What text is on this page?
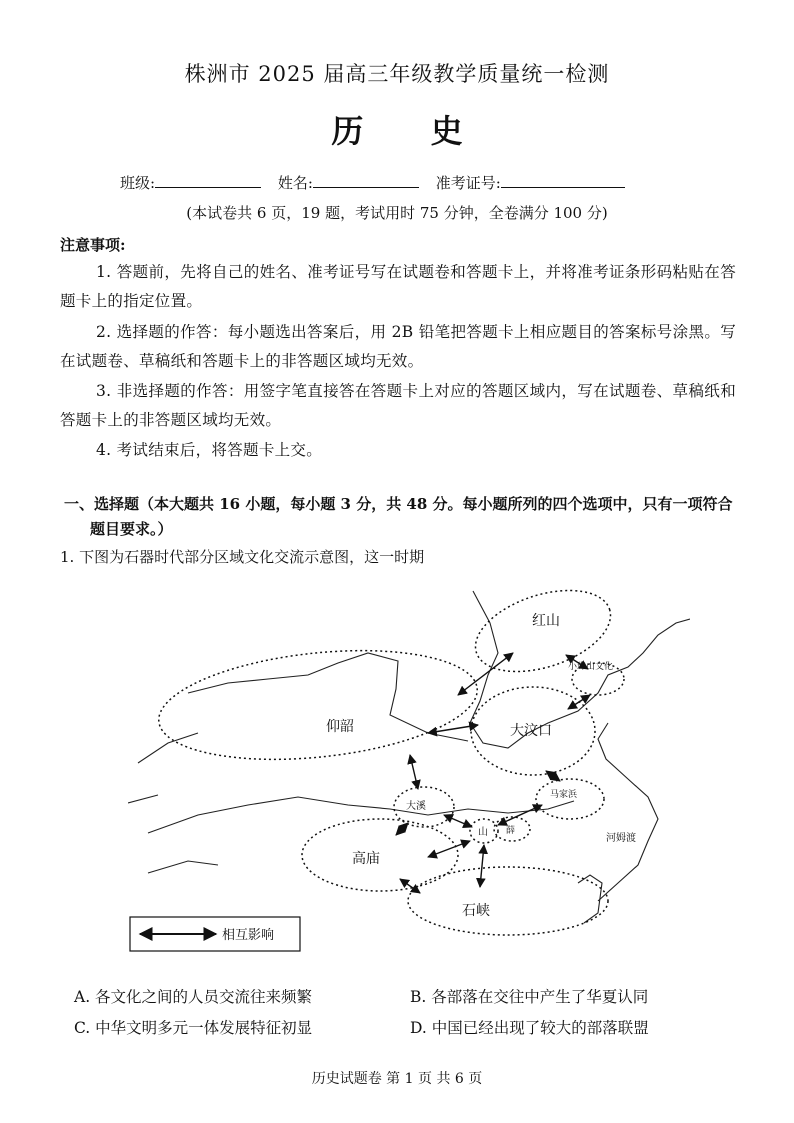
株洲市 2025 届高三年级教学质量统一检测
历 史
班级:	姓名:	准考证号:
(本试卷共 6 页，19 题，考试用时 75 分钟，全卷满分 100 分)
注意事项:
1. 答题前，先将自己的姓名、准考证号写在试题卷和答题卡上，并将准考证条形码粘贴在答题卡上的指定位置。
2. 选择题的作答：每小题选出答案后，用 2B 铅笔把答题卡上相应题目的答案标号涂黑。写在试题卷、草稿纸和答题卡上的非答题区域均无效。
3. 非选择题的作答：用签字笔直接答在答题卡上对应的答题区域内，写在试题卷、草稿纸和答题卡上的非答题区域均无效。
4. 考试结束后，将答题卡上交。
一、选择题（本大题共 16 小题，每小题 3 分，共 48 分。每小题所列的四个选项中，只有一项符合
题目要求。）
1. 下图为石器时代部分区域文化交流示意图，这一时期
红山
小珠山文化
仰韶	大汶口
马家浜
河姆渡
大溪
山 薛
高庙
石峡
相互影响
A. 各文化之间的人员交流往来频繁	B. 各部落在交往中产生了华夏认同
C. 中华文明多元一体发展特征初显	D. 中国已经出现了较大的部落联盟
历史试题卷 第 1 页 共 6 页
